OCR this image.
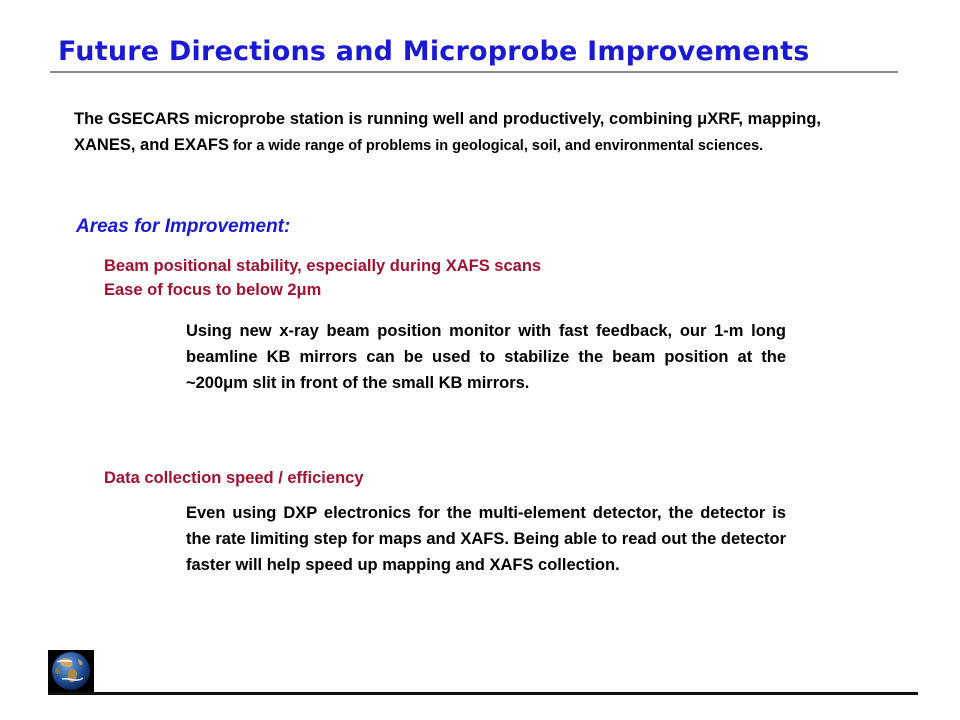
Future Directions and Microprobe Improvements

The GSECARS microprobe station is running well and productively, combining μXRF, mapping, XANES, and EXAFS for a wide range of problems in geological, soil, and environmental sciences.

Areas for Improvement:

Beam positional stability, especially during XAFS scans

Ease of focus to below 2μm

Using new x-ray beam position monitor with fast feedback, our 1-m long beamline KB mirrors can be used to stabilize the beam position at the ~200μm slit in front of the small KB mirrors.

Data collection speed / efficiency

Even using DXP electronics for the multi-element detector, the detector is the rate limiting step for maps and XAFS. Being able to read out the detector faster will help speed up mapping and XAFS collection.
